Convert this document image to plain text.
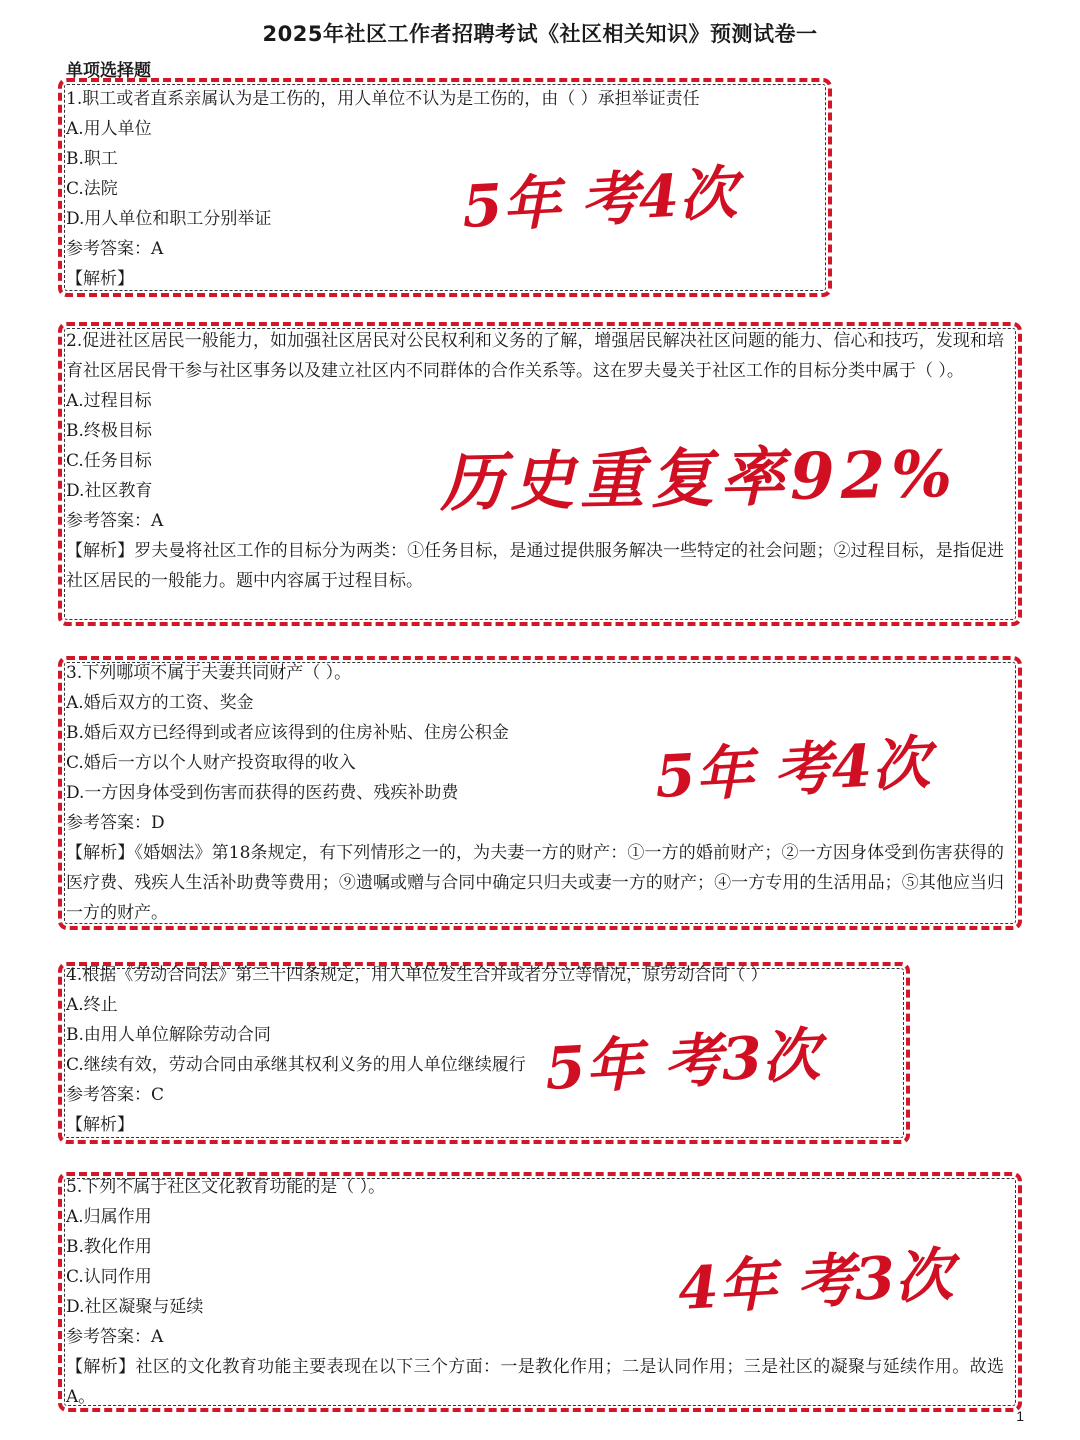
2025年社区工作者招聘考试《社区相关知识》预测试卷一
单项选择题
1.职工或者直系亲属认为是工伤的，用人单位不认为是工伤的，由（ ）承担举证责任
A.用人单位
B.职工
C.法院
D.用人单位和职工分别举证
参考答案：A
【解析】
5年 考4次
2.促进社区居民一般能力，如加强社区居民对公民权利和义务的了解，增强居民解决社区问题的能力、信心和技巧，发现和培育社区居民骨干参与社区事务以及建立社区内不同群体的合作关系等。这在罗夫曼关于社区工作的目标分类中属于（ ）。
A.过程目标
B.终极目标
C.任务目标
D.社区教育
参考答案：A
【解析】罗夫曼将社区工作的目标分为两类：①任务目标，是通过提供服务解决一些特定的社会问题；②过程目标，是指促进社区居民的一般能力。题中内容属于过程目标。
历史重复率92%
3.下列哪项不属于夫妻共同财产（ ）。
A.婚后双方的工资、奖金
B.婚后双方已经得到或者应该得到的住房补贴、住房公积金
C.婚后一方以个人财产投资取得的收入
D.一方因身体受到伤害而获得的医药费、残疾补助费
参考答案：D
【解析】《婚姻法》第18条规定，有下列情形之一的，为夫妻一方的财产：①一方的婚前财产；②一方因身体受到伤害获得的医疗费、残疾人生活补助费等费用；⑨遗嘱或赠与合同中确定只归夫或妻一方的财产；④一方专用的生活用品；⑤其他应当归一方的财产。
5年 考4次
4.根据《劳动合同法》第三十四条规定，用人单位发生合并或者分立等情况，原劳动合同（ ）
A.终止
B.由用人单位解除劳动合同
C.继续有效，劳动合同由承继其权利义务的用人单位继续履行
参考答案：C
【解析】
5年 考3次
5.下列不属于社区文化教育功能的是（ ）。
A.归属作用
B.教化作用
C.认同作用
D.社区凝聚与延续
参考答案：A
【解析】社区的文化教育功能主要表现在以下三个方面：一是教化作用；二是认同作用；三是社区的凝聚与延续作用。故选A。
4年 考3次
1
